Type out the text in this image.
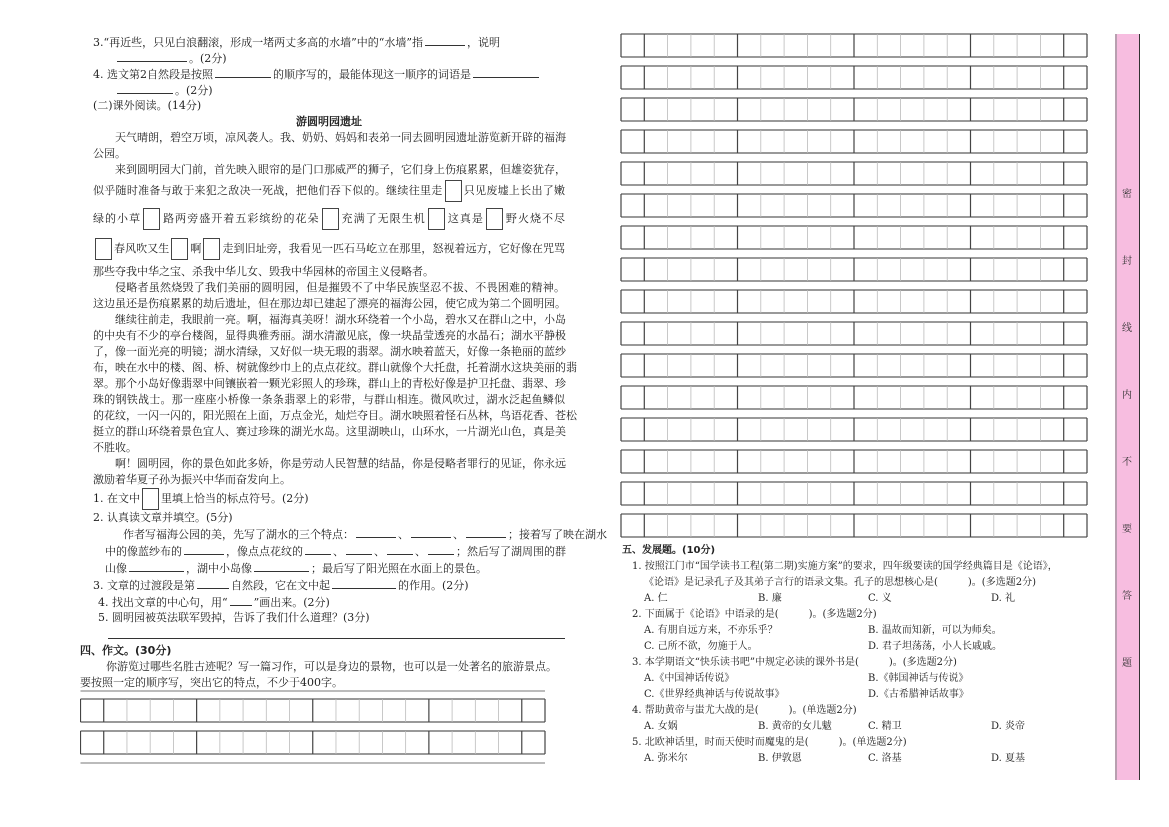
3.“再近些，只见白浪翻滚，形成一堵两丈多高的水墙”中的“水墙”指	，说明
。(2分)
4. 选文第2自然段是按照	的顺序写的，最能体现这一顺序的词语是
。(2分)
(二)课外阅读。(14分)
游圆明园遗址
天气晴朗，碧空万顷，凉风袭人。我、奶奶、妈妈和表弟一同去圆明园遗址游览新开辟的福海
公园。
来到圆明园大门前，首先映入眼帘的是门口那威严的狮子，它们身上伤痕累累，但雄姿犹存，
似乎随时准备与敢于来犯之敌决一死战，把他们吞下似的。继续往里走 只见废墟上长出了嫩
绿的小草 路两旁盛开着五彩缤纷的花朵 充满了无限生机 这真是 野火烧不尽
春风吹又生 啊 走到旧址旁，我看见一匹石马屹立在那里，怒视着远方，它好像在咒骂
那些夺我中华之宝、杀我中华儿女、毁我中华园林的帝国主义侵略者。
侵略者虽然烧毁了我们美丽的圆明园，但是摧毁不了中华民族坚忍不拔、不畏困难的精神。
这边虽还是伤痕累累的劫后遗址，但在那边却已建起了漂亮的福海公园，使它成为第二个圆明园。
继续往前走，我眼前一亮。啊，福海真美呀！湖水环绕着一个小岛，碧水又在群山之中，小岛
的中央有不少的亭台楼阁，显得典雅秀丽。湖水清澈见底，像一块晶莹透亮的水晶石；湖水平静极
了，像一面光亮的明镜；湖水清绿，又好似一块无瑕的翡翠。湖水映着蓝天，好像一条艳丽的蓝纱
布，映在水中的楼、阁、桥、树就像纱巾上的点点花纹。群山就像个大托盘，托着湖水这块美丽的翡
翠。那个小岛好像翡翠中间镶嵌着一颗光彩照人的珍珠，群山上的青松好像是护卫托盘、翡翠、珍
珠的钢铁战士。那一座座小桥像一条条翡翠上的彩带，与群山相连。微风吹过，湖水泛起鱼鳞似
的花纹，一闪一闪的，阳光照在上面，万点金光，灿烂夺目。湖水映照着怪石丛林，鸟语花香、苍松
挺立的群山环绕着景色宜人、赛过珍珠的湖光水岛。这里湖映山，山环水，一片湖光山色，真是美
不胜收。
啊！圆明园，你的景色如此多娇，你是劳动人民智慧的结晶，你是侵略者罪行的见证，你永远
激励着华夏子孙为振兴中华而奋发向上。
1. 在文中 里填上恰当的标点符号。(2分)
2. 认真读文章并填空。(5分)
作者写福海公园的美，先写了湖水的三个特点：	、	、	；接着写了映在湖水
中的像蓝纱布的	，像点点花纹的	、	、	、	；然后写了湖周围的群
山像	，湖中小岛像	；最后写了阳光照在水面上的景色。
3. 文章的过渡段是第	自然段，它在文中起	的作用。(2分)
4. 找出文章的中心句，用“ ”画出来。(2分)
5. 圆明园被英法联军毁掉，告诉了我们什么道理？(3分)
四、作文。(30分)
你游览过哪些名胜古迹呢？写一篇习作，可以是身边的景物，也可以是一处著名的旅游景点。
要按照一定的顺序写，突出它的特点，不少于400字。
五、发展题。(10分)
1. 按照江门市“国学读书工程(第二期)实施方案”的要求，四年级要读的国学经典篇目是《论语》，
《论语》是记录孔子及其弟子言行的语录文集。孔子的思想核心是(　　　)。(多选题2分)
A. 仁	B. 廉	C. 义	D. 礼
2. 下面属于《论语》中语录的是(　　　)。(多选题2分)
A. 有朋自远方来，不亦乐乎？	B. 温故而知新，可以为师矣。
C. 己所不欲，勿施于人。	D. 君子坦荡荡，小人长戚戚。
3. 本学期语文“快乐读书吧”中规定必读的课外书是(　　　)。(多选题2分)
A.《中国神话传说》	B.《韩国神话与传说》
C.《世界经典神话与传说故事》	D.《古希腊神话故事》
4. 帮助黄帝与蚩尤大战的是(　　　)。(单选题2分)
A. 女娲	B. 黄帝的女儿魃	C. 精卫	D. 炎帝
5. 北欧神话里，时而天使时而魔鬼的是(　　　)。(单选题2分)
A. 弥米尔	B. 伊敦恩	C. 洛基	D. 夏基
密
封
线
内
不
要
答
题
